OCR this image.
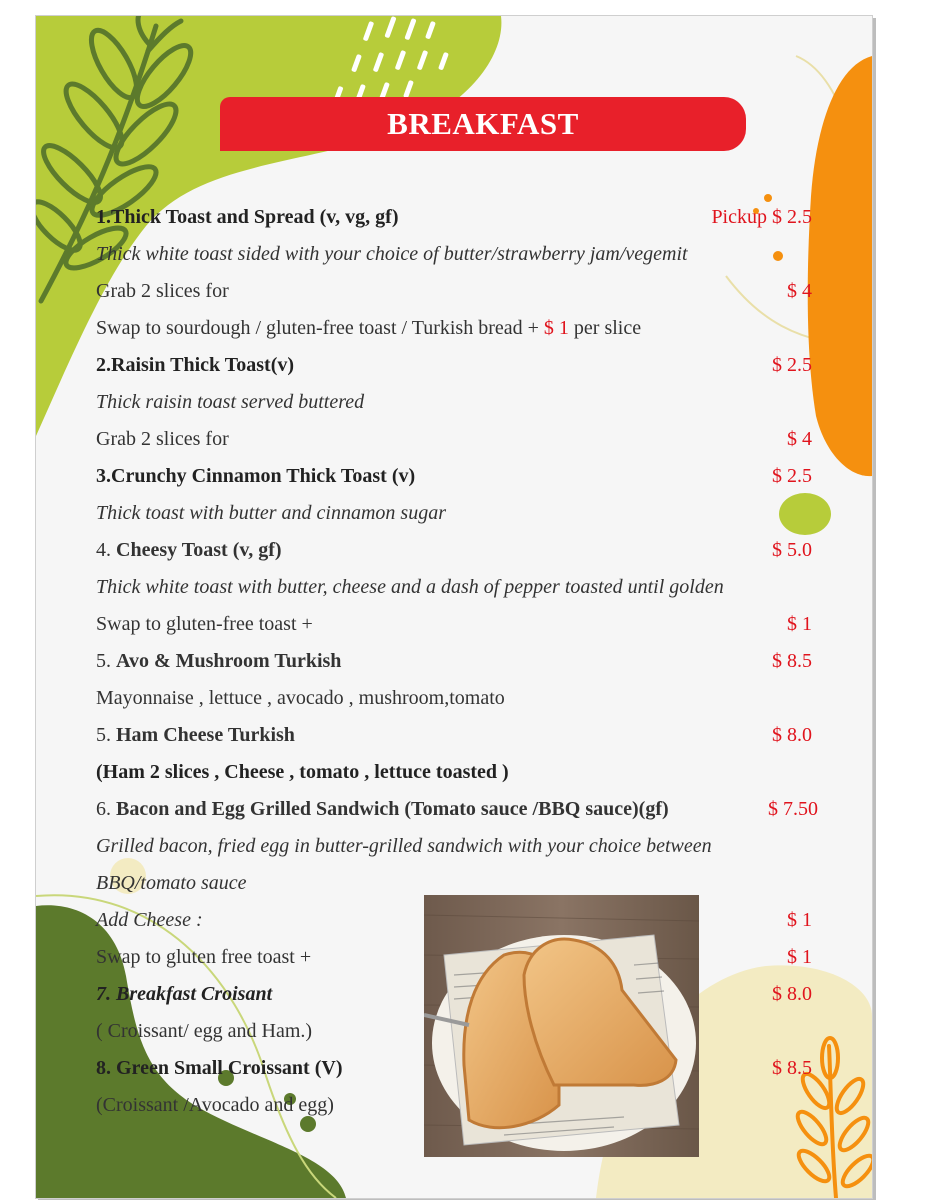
BREAKFAST
1.Thick Toast and Spread (v, vg, gf)	Pickup $ 2.5
Thick white toast sided with your choice of butter/strawberry jam/vegemit
Grab 2 slices for	$ 4
Swap to sourdough / gluten-free toast / Turkish bread + $ 1 per slice
2.Raisin Thick Toast(v)	$ 2.5
Thick raisin toast served buttered
Grab 2 slices for	$ 4
3.Crunchy Cinnamon Thick Toast (v)	$ 2.5
Thick toast with butter and cinnamon sugar
4. Cheesy Toast (v, gf)	$ 5.0
Thick white toast with butter, cheese and a dash of pepper toasted until golden
Swap to gluten-free toast +	$ 1
5. Avo & Mushroom Turkish	$ 8.5
Mayonnaise , lettuce , avocado , mushroom,tomato
5. Ham Cheese Turkish	$ 8.0
(Ham 2 slices , Cheese , tomato , lettuce toasted )
6. Bacon and Egg Grilled Sandwich (Tomato sauce /BBQ sauce)(gf)	$ 7.50
Grilled bacon, fried egg in butter-grilled sandwich with your choice between
BBQ/tomato sauce
Add Cheese :	$ 1
Swap to gluten free toast +	$ 1
7. Breakfast Croisant	$ 8.0
( Croissant/ egg and Ham.)
8. Green Small Croissant (V)	$ 8.5
(Croissant /Avocado and egg)
